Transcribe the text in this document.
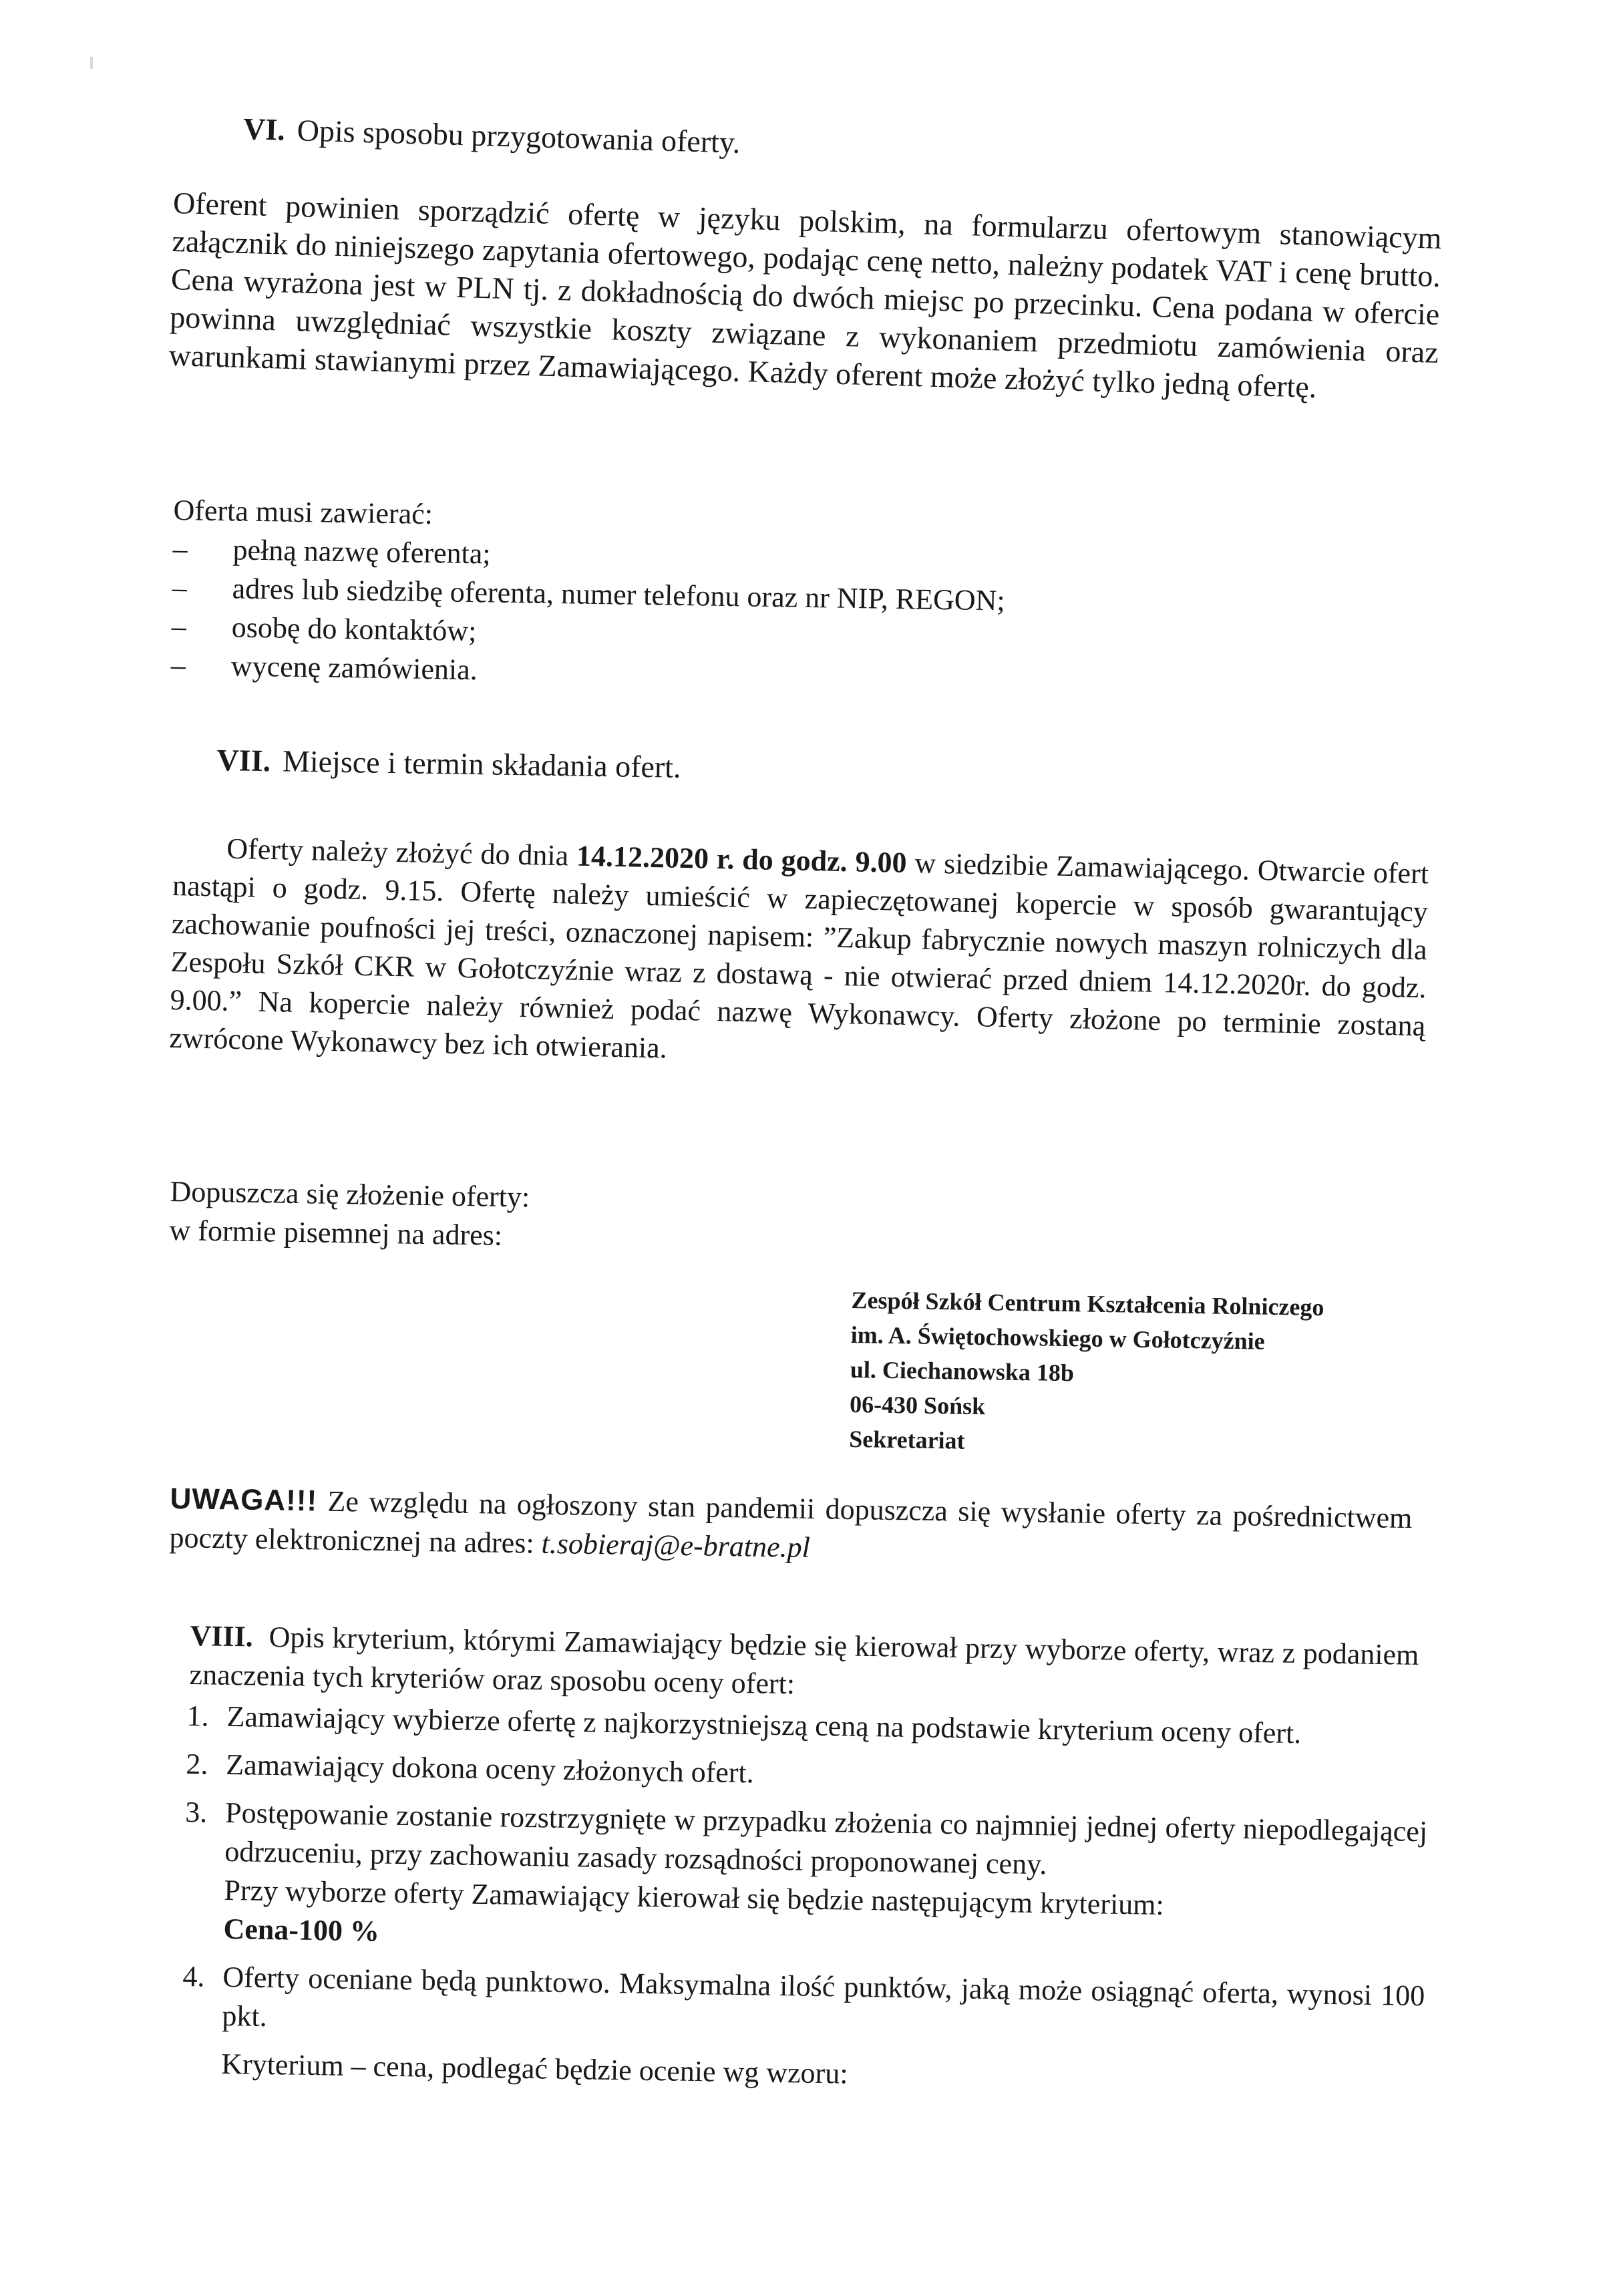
VI. Opis sposobu przygotowania oferty.

Oferent powinien sporządzić ofertę w języku polskim, na formularzu ofertowym stanowiącym załącznik do niniejszego zapytania ofertowego, podając cenę netto, należny podatek VAT i cenę brutto. Cena wyrażona jest w PLN tj. z dokładnością do dwóch miejsc po przecinku. Cena podana w ofercie powinna uwzględniać wszystkie koszty związane z wykonaniem przedmiotu zamówienia oraz warunkami stawianymi przez Zamawiającego. Każdy oferent może złożyć tylko jedną ofertę.

Oferta musi zawierać:
–	pełną nazwę oferenta;
–	adres lub siedzibę oferenta, numer telefonu oraz nr NIP, REGON;
–	osobę do kontaktów;
–	wycenę zamówienia.
VII. Miejsce i termin składania ofert.

Oferty należy złożyć do dnia 14.12.2020 r. do godz. 9.00 w siedzibie Zamawiającego. Otwarcie ofert nastąpi o godz. 9.15. Ofertę należy umieścić w zapieczętowanej kopercie w sposób gwarantujący zachowanie poufności jej treści, oznaczonej napisem: ”Zakup fabrycznie nowych maszyn rolniczych dla Zespołu Szkół CKR w Gołotczyźnie wraz z dostawą - nie otwierać przed dniem 14.12.2020r. do godz. 9.00.” Na kopercie należy również podać nazwę Wykonawcy. Oferty złożone po terminie zostaną zwrócone Wykonawcy bez ich otwierania.

Dopuszcza się złożenie oferty:
w formie pisemnej na adres:
Zespół Szkół Centrum Kształcenia Rolniczego
im. A. Świętochowskiego w Gołotczyźnie
ul. Ciechanowska 18b
06-430 Sońsk
Sekretariat

UWAGA!!! Ze względu na ogłoszony stan pandemii dopuszcza się wysłanie oferty za pośrednictwem poczty elektronicznej na adres: t.sobieraj@e-bratne.pl

VIII. Opis kryterium, którymi Zamawiający będzie się kierował przy wyborze oferty, wraz z podaniem znaczenia tych kryteriów oraz sposobu oceny ofert:

1. Zamawiający wybierze ofertę z najkorzystniejszą ceną na podstawie kryterium oceny ofert.
2. Zamawiający dokona oceny złożonych ofert.
3. Postępowanie zostanie rozstrzygnięte w przypadku złożenia co najmniej jednej oferty niepodlegającej odrzuceniu, przy zachowaniu zasady rozsądności proponowanej ceny.
Przy wyborze oferty Zamawiający kierował się będzie następującym kryterium:
Cena-100 %
4. Oferty oceniane będą punktowo. Maksymalna ilość punktów, jaką może osiągnąć oferta, wynosi 100 pkt.
Kryterium – cena, podlegać będzie ocenie wg wzoru:
